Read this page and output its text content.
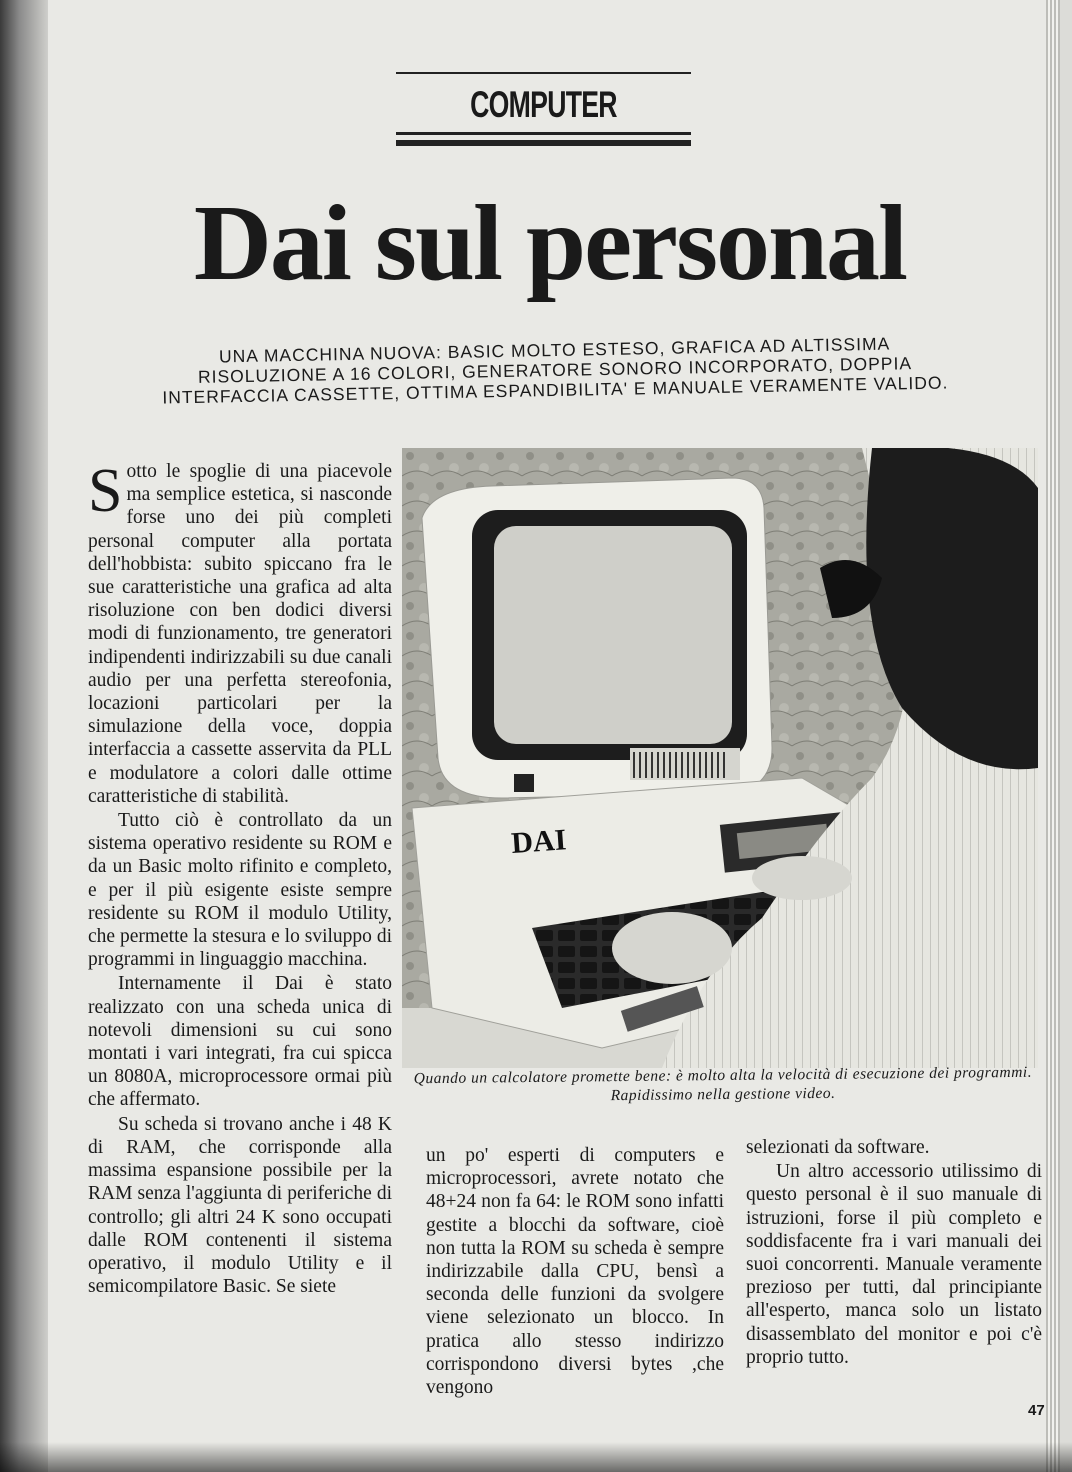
COMPUTER
Dai sul personal
UNA MACCHINA NUOVA: BASIC MOLTO ESTESO, GRAFICA AD ALTISSIMA RISOLUZIONE A 16 COLORI, GENERATORE SONORO INCORPORATO, DOPPIA INTERFACCIA CASSETTE, OTTIMA ESPANDIBILITA' E MANUALE VERAMENTE VALIDO.

Sotto le spoglie di una piacevole ma semplice estetica, si nasconde forse uno dei più completi personal computer alla portata dell'hobbista: subito spiccano fra le sue caratteristiche una grafica ad alta risoluzione con ben dodici diversi modi di funzionamento, tre generatori indipendenti indirizzabili su due canali audio per una perfetta stereofonia, locazioni particolari per la simulazione della voce, doppia interfaccia a cassette asservita da PLL e modulatore a colori dalle ottime caratteristiche di stabilità.

Tutto ciò è controllato da un sistema operativo residente su ROM e da un Basic molto rifinito e completo, e per il più esigente esiste sempre residente su ROM il modulo Utility, che permette la stesura e lo sviluppo di programmi in linguaggio macchina.

Internamente il Dai è stato realizzato con una scheda unica di notevoli dimensioni su cui sono montati i vari integrati, fra cui spicca un 8080A, microprocessore ormai più che affermato.

Su scheda si trovano anche i 48 K di RAM, che corrisponde alla massima espansione possibile per la RAM senza l'aggiunta di periferiche di controllo; gli altri 24 K sono occupati dalle ROM contenenti il sistema operativo, il modulo Utility e il semicompilatore Basic. Se siete

DAI
Quando un calcolatore promette bene: è molto alta la velocità di esecuzione dei programmi. Rapidissimo nella gestione video.

un po' esperti di computers e microprocessori, avrete notato che 48+24 non fa 64: le ROM sono infatti gestite a blocchi da software, cioè non tutta la ROM su scheda è sempre indirizzabile dalla CPU, bensì a seconda delle funzioni da svolgere viene selezionato un blocco. In pratica allo stesso indirizzo corrispondono diversi bytes ,che vengono

selezionati da software.

Un altro accessorio utilissimo di questo personal è il suo manuale di istruzioni, forse il più completo e soddisfacente fra i vari manuali dei suoi concorrenti. Manuale veramente prezioso per tutti, dal principiante all'esperto, manca solo un listato disassemblato del monitor e poi c'è proprio tutto.

47
